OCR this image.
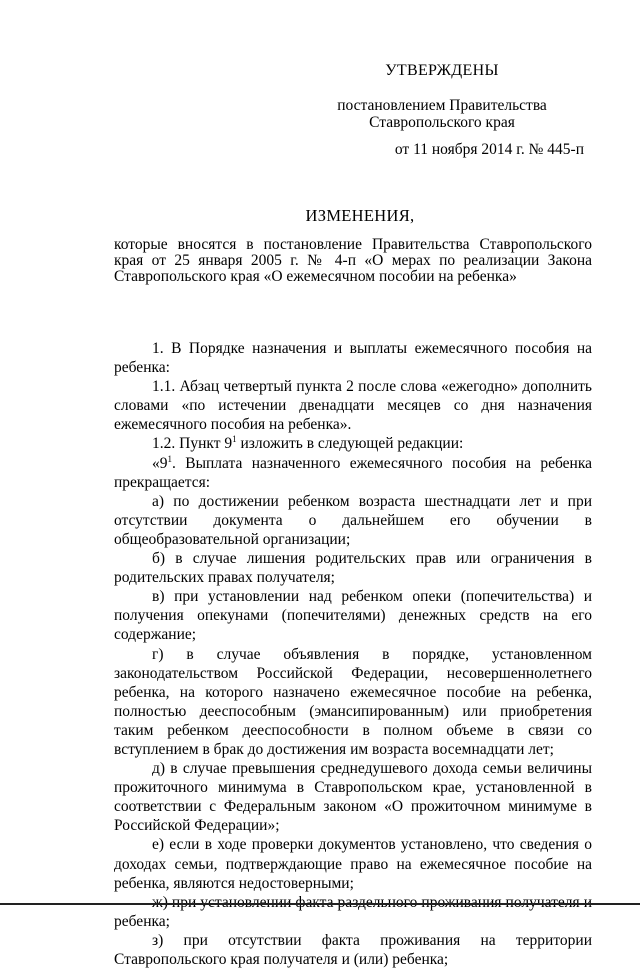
УТВЕРЖДЕНЫ
постановлением Правительства
Ставропольского края
от 11 ноября 2014 г. № 445-п
ИЗМЕНЕНИЯ,
которые вносятся в постановление Правительства Ставропольского края от 25 января 2005 г. № 4-п «О мерах по реализации Закона Ставропольского края «О ежемесячном пособии на ребенка»

1. В Порядке назначения и выплаты ежемесячного пособия на ребенка:

1.1. Абзац четвертый пункта 2 после слова «ежегодно» дополнить словами «по истечении двенадцати месяцев со дня назначения ежемесячного пособия на ребенка».

1.2. Пункт $9^1$ изложить в следующей редакции:

«$9^1$. Выплата назначенного ежемесячного пособия на ребенка прекращается:

а) по достижении ребенком возраста шестнадцати лет и при отсутствии документа о дальнейшем его обучении в общеобразовательной организации;

б) в случае лишения родительских прав или ограничения в родительских правах получателя;

в) при установлении над ребенком опеки (попечительства) и получения опекунами (попечителями) денежных средств на его содержание;

г) в случае объявления в порядке, установленном законодательством Российской Федерации, несовершеннолетнего ребенка, на которого назначено ежемесячное пособие на ребенка, полностью дееспособным (эмансипированным) или приобретения таким ребенком дееспособности в полном объеме в связи со вступлением в брак до достижения им возраста восемнадцати лет;

д) в случае превышения среднедушевого дохода семьи величины прожиточного минимума в Ставропольском крае, установленной в соответствии с Федеральным законом «О прожиточном минимуме в Российской Федерации»;

е) если в ходе проверки документов установлено, что сведения о доходах семьи, подтверждающие право на ежемесячное пособие на ребенка, являются недостоверными;

ребенка;

з) при отсутствии факта проживания на территории Ставропольского края получателя и (или) ребенка;
